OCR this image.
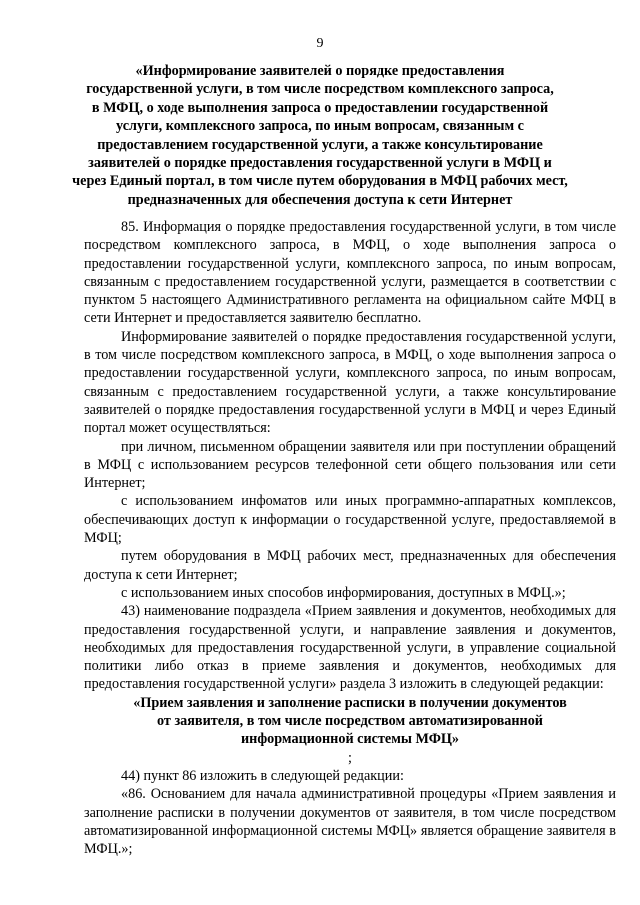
9
«Информирование заявителей о порядке предоставления
государственной услуги, в том числе посредством комплексного запроса,
в МФЦ, о ходе выполнения запроса о предоставлении государственной
услуги, комплексного запроса, по иным вопросам, связанным с
предоставлением государственной услуги, а также консультирование
заявителей о порядке предоставления государственной услуги в МФЦ и
через Единый портал, в том числе путем оборудования в МФЦ рабочих мест,
предназначенных для обеспечения доступа к сети Интернет

85. Информация о порядке предоставления государственной услуги, в том числе посредством комплексного запроса, в МФЦ, о ходе выполнения запроса о предоставлении государственной услуги, комплексного запроса, по иным вопросам, связанным с предоставлением государственной услуги, размещается в соответствии с пунктом 5 настоящего Административного регламента на официальном сайте МФЦ в сети Интернет и предоставляется заявителю бесплатно.

Информирование заявителей о порядке предоставления государственной услуги, в том числе посредством комплексного запроса, в МФЦ, о ходе выполнения запроса о предоставлении государственной услуги, комплексного запроса, по иным вопросам, связанным с предоставлением государственной услуги, а также консультирование заявителей о порядке предоставления государственной услуги в МФЦ и через Единый портал может осуществляться:

при личном, письменном обращении заявителя или при поступлении обращений в МФЦ с использованием ресурсов телефонной сети общего пользования или сети Интернет;

с использованием инфоматов или иных программно-аппаратных комплексов, обеспечивающих доступ к информации о государственной услуге, предоставляемой в МФЦ;

путем оборудования в МФЦ рабочих мест, предназначенных для обеспечения доступа к сети Интернет;

с использованием иных способов информирования, доступных в МФЦ.»;

43) наименование подраздела «Прием заявления и документов, необходимых для предоставления государственной услуги, и направление заявления и документов, необходимых для предоставления государственной услуги, в управление социальной политики либо отказ в приеме заявления и документов, необходимых для предоставления государственной услуги» раздела 3 изложить в следующей редакции:

«Прием заявления и заполнение расписки в получении документов
от заявителя, в том числе посредством автоматизированной
информационной системы МФЦ»
;

44) пункт 86 изложить в следующей редакции:

«86. Основанием для начала административной процедуры «Прием заявления и заполнение расписки в получении документов от заявителя, в том числе посредством автоматизированной информационной системы МФЦ» является обращение заявителя в МФЦ.»;
